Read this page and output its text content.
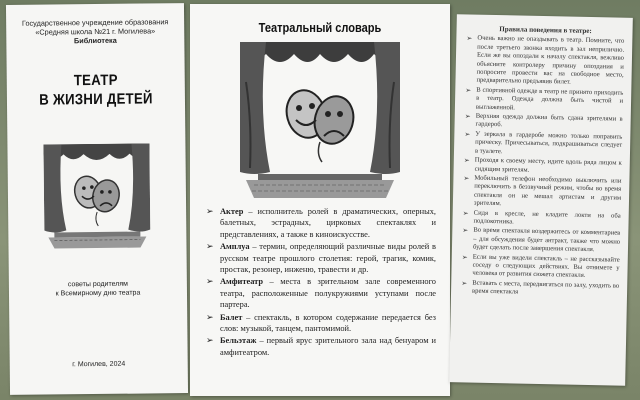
Государственное учреждение образования
«Средняя школа №21 г. Могилева»
Библиотека
ТЕАТР
В ЖИЗНИ ДЕТЕЙ
советы родителям
к Всемирному дню театра
г. Могилев, 2024
Театральный словарь
➢ Актер – исполнитель ролей в драматических, оперных, балетных, эстрадных, цирковых спектаклях и представлениях, а также в киноискусстве.
➢ Амплуа – термин, определяющий различные виды ролей в русском театре прошлого столетия: герой, трагик, комик, простак, резонер, инженю, травести и др.
➢ Амфитеатр – места в зрительном зале современного театра, расположенные полукружиями уступами после партера.
➢ Балет – спектакль, в котором содержание передается без слов: музыкой, танцем, пантомимой.
➢ Бельэтаж – первый ярус зрительного зала над бенуаром и амфитеатром.
Правила поведения в театре:
➢ Очень важно не опаздывать в театр. Помните, что после третьего звонка входить в зал неприлично. Если же вы опоздали к началу спектакля, вежливо объясните контролеру причину опоздания и попросите провести вас на свободное место, предварительно предъявив билет.
➢ В спортивной одежде в театр не принято приходить в театр. Одежда должна быть чистой и выглаженной.
➢ Верхняя одежда должна быть сдана зрителями в гардероб.
➢ У зеркала в гардеробе можно только поправить прическу. Причесываться, подкрашиваться следует в туалете.
➢ Проходя к своему месту, идите вдоль ряда лицом к сидящим зрителям.
➢ Мобильный телефон необходимо выключить или переключить в беззвучный режим, чтобы во время спектакля он не мешал артистам и другим зрителям.
➢ Сидя в кресле, не кладите локти на оба подлокотника.
➢ Во время спектакля воздержитесь от комментариев – для обсуждения будет антракт, также что можно будет сделать после завершения спектакля.
➢ Если вы уже видели спектакль – не рассказывайте соседу о следующих действиях. Вы отнимете у человека от развития сюжета спектакля.
➢ Вставать с места, передвигаться по залу, уходить во время спектакля
